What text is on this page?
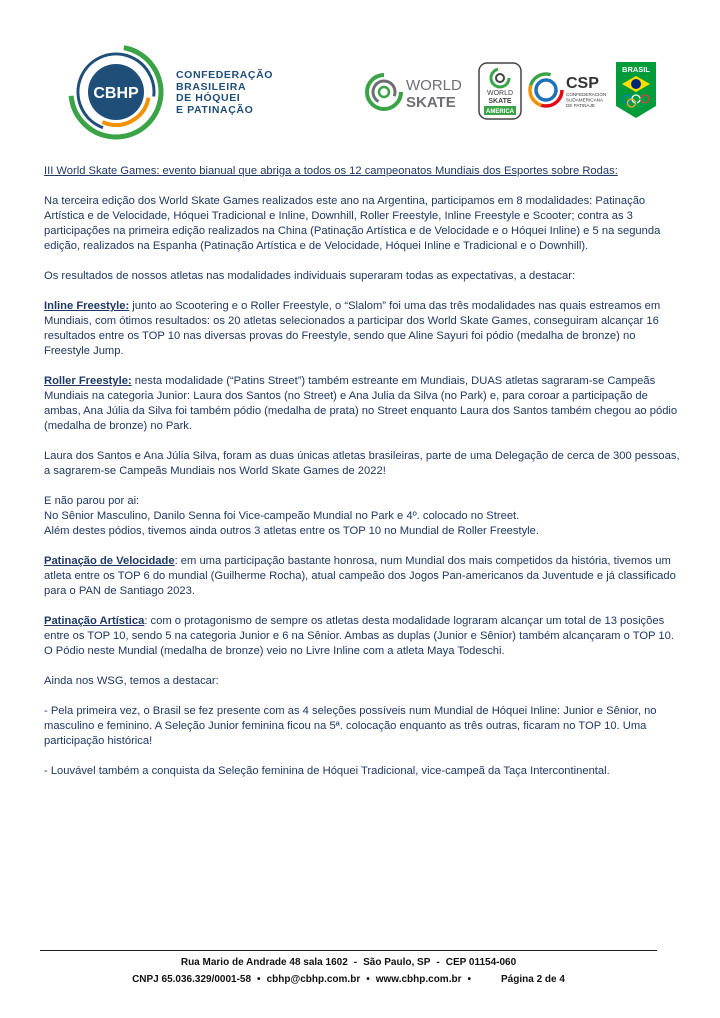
CBHP
CONFEDERAÇÃO
BRASILEIRA
DE HÓQUEI
E PATINAÇÃO
WORLD
SKATE
WORLD
SKATE
AMERICA
CSP
CONFEDERACIÓN
SUDAMERICANA
DE PATINAJE
BRASIL

III World Skate Games: evento bianual que abriga a todos os 12 campeonatos Mundiais dos Esportes sobre Rodas:

Na terceira edição dos World Skate Games realizados este ano na Argentina, participamos em 8 modalidades: Patinação Artística e de Velocidade, Hóquei Tradicional e Inline, Downhill, Roller Freestyle, Inline Freestyle e Scooter; contra as 3 participações na primeira edição realizados na China (Patinação Artística e de Velocidade e o Hóquei Inline) e 5 na segunda edição, realizados na Espanha (Patinação Artística e de Velocidade, Hóquei Inline e Tradicional e o Downhill).

Os resultados de nossos atletas nas modalidades individuais superaram todas as expectativas, a destacar:

Inline Freestyle: junto ao Scootering e o Roller Freestyle, o “Slalom” foi uma das três modalidades nas quais estreamos em Mundiais, com ótimos resultados: os 20 atletas selecionados a participar dos World Skate Games, conseguiram alcançar 16 resultados entre os TOP 10 nas diversas provas do Freestyle, sendo que Aline Sayuri foi pódio (medalha de bronze) no Freestyle Jump.

Roller Freestyle: nesta modalidade (“Patins Street”) também estreante em Mundiais, DUAS atletas sagraram-se Campeãs Mundiais na categoria Junior: Laura dos Santos (no Street) e Ana Julia da Silva (no Park) e, para coroar a participação de ambas, Ana Júlia da Silva foi também pódio (medalha de prata) no Street enquanto Laura dos Santos também chegou ao pódio (medalha de bronze) no Park.

Laura dos Santos e Ana Júlia Silva, foram as duas únicas atletas brasileiras, parte de uma Delegação de cerca de 300 pessoas, a sagrarem-se Campeãs Mundiais nos World Skate Games de 2022!

E não parou por ai:

No Sênior Masculino, Danilo Senna foi Vice-campeão Mundial no Park e 4º. colocado no Street.

Além destes pódios, tivemos ainda outros 3 atletas entre os TOP 10 no Mundial de Roller Freestyle.

Patinação de Velocidade: em uma participação bastante honrosa, num Mundial dos mais competidos da história, tivemos um atleta entre os TOP 6 do mundial (Guilherme Rocha), atual campeão dos Jogos Pan-americanos da Juventude e já classificado para o PAN de Santiago 2023.

Patinação Artística: com o protagonismo de sempre os atletas desta modalidade lograram alcançar um total de 13 posições entre os TOP 10, sendo 5 na categoria Junior e 6 na Sênior. Ambas as duplas (Junior e Sênior) também alcançaram o TOP 10.

O Pódio neste Mundial (medalha de bronze) veio no Livre Inline com a atleta Maya Todeschi.

Ainda nos WSG, temos a destacar:

- Pela primeira vez, o Brasil se fez presente com as 4 seleções possíveis num Mundial de Hóquei Inline: Junior e Sênior, no masculino e feminino. A Seleção Junior feminina ficou na 5ª. colocação enquanto as três outras, ficaram no TOP 10. Uma participação histórica!

- Louvável também a conquista da Seleção feminina de Hóquei Tradicional, vice-campeã da Taça Intercontinental.

Rua Mario de Andrade 48 sala 1602 - São Paulo, SP - CEP 01154-060
CNPJ 65.036.329/0001-58 • cbhp@cbhp.com.br • www.cbhp.com.br •	Página 2 de 4
